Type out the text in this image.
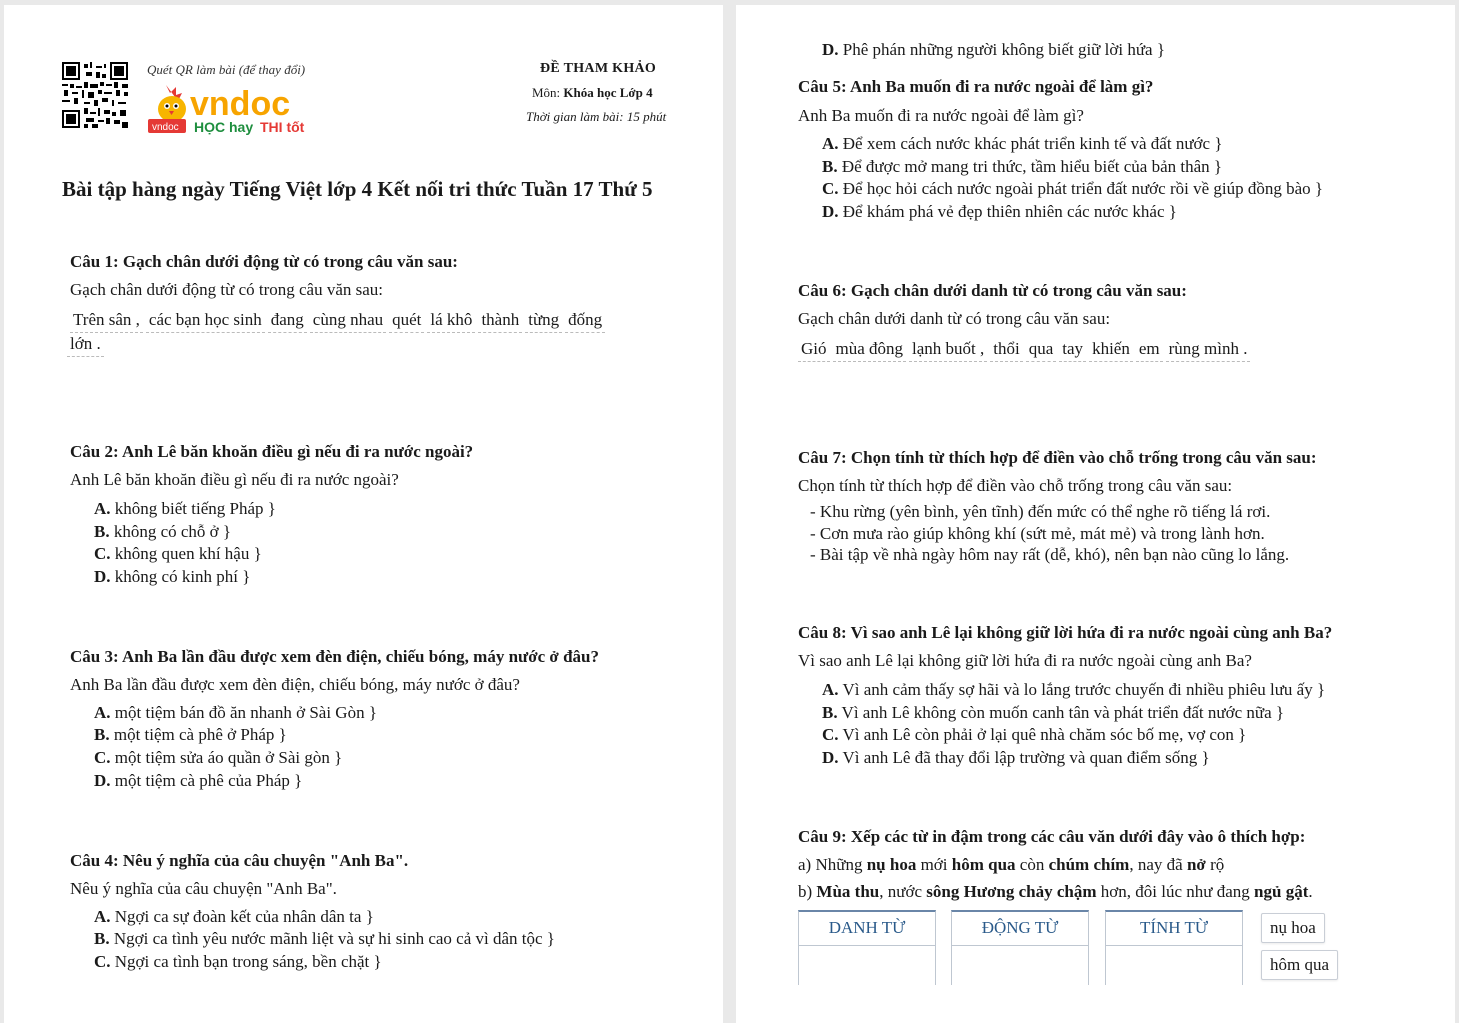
Quét QR làm bài (để thay đổi)
vndoc
vndoc HỌC hay THI tốt
ĐỀ THAM KHẢO
Môn: Khóa học Lớp 4
Thời gian làm bài: 15 phút
Bài tập hàng ngày Tiếng Việt lớp 4 Kết nối tri thức Tuần 17 Thứ 5
Câu 1: Gạch chân dưới động từ có trong câu văn sau:
Gạch chân dưới động từ có trong câu văn sau:
Trên sân , các bạn học sinh đang cùng nhau quét lá khô thành từng đống
lớn .
Câu 2: Anh Lê băn khoăn điều gì nếu đi ra nước ngoài?
Anh Lê băn khoăn điều gì nếu đi ra nước ngoài?
A. không biết tiếng Pháp }
B. không có chỗ ở }
C. không quen khí hậu }
D. không có kinh phí }
Câu 3: Anh Ba lần đầu được xem đèn điện, chiếu bóng, máy nước ở đâu?
Anh Ba lần đầu được xem đèn điện, chiếu bóng, máy nước ở đâu?
A. một tiệm bán đồ ăn nhanh ở Sài Gòn }
B. một tiệm cà phê ở Pháp }
C. một tiệm sửa áo quần ở Sài gòn }
D. một tiệm cà phê của Pháp }
Câu 4: Nêu ý nghĩa của câu chuyện "Anh Ba".
Nêu ý nghĩa của câu chuyện "Anh Ba".
A. Ngợi ca sự đoàn kết của nhân dân ta }
B. Ngợi ca tình yêu nước mãnh liệt và sự hi sinh cao cả vì dân tộc }
C. Ngợi ca tình bạn trong sáng, bền chặt }
D. Phê phán những người không biết giữ lời hứa }
Câu 5: Anh Ba muốn đi ra nước ngoài để làm gì?
Anh Ba muốn đi ra nước ngoài để làm gì?
A. Để xem cách nước khác phát triển kinh tế và đất nước }
B. Để được mở mang tri thức, tầm hiểu biết của bản thân }
C. Để học hỏi cách nước ngoài phát triển đất nước rồi về giúp đồng bào }
D. Để khám phá vẻ đẹp thiên nhiên các nước khác }
Câu 6: Gạch chân dưới danh từ có trong câu văn sau:
Gạch chân dưới danh từ có trong câu văn sau:
Gió mùa đông lạnh buốt , thổi qua tay khiến em rùng mình .
Câu 7: Chọn tính từ thích hợp để điền vào chỗ trống trong câu văn sau:
Chọn tính từ thích hợp để điền vào chỗ trống trong câu văn sau:
- Khu rừng (yên bình, yên tĩnh) đến mức có thể nghe rõ tiếng lá rơi.
- Cơn mưa rào giúp không khí (sứt mẻ, mát mẻ) và trong lành hơn.
- Bài tập về nhà ngày hôm nay rất (dễ, khó), nên bạn nào cũng lo lắng.
Câu 8: Vì sao anh Lê lại không giữ lời hứa đi ra nước ngoài cùng anh Ba?
Vì sao anh Lê lại không giữ lời hứa đi ra nước ngoài cùng anh Ba?
A. Vì anh cảm thấy sợ hãi và lo lắng trước chuyến đi nhiều phiêu lưu ấy }
B. Vì anh Lê không còn muốn canh tân và phát triển đất nước nữa }
C. Vì anh Lê còn phải ở lại quê nhà chăm sóc bố mẹ, vợ con }
D. Vì anh Lê đã thay đổi lập trường và quan điểm sống }
Câu 9: Xếp các từ in đậm trong các câu văn dưới đây vào ô thích hợp:
a) Những nụ hoa mới hôm qua còn chúm chím, nay đã nở rộ
b) Mùa thu, nước sông Hương chảy chậm hơn, đôi lúc như đang ngủ gật.
DANH TỪ	ĐỘNG TỪ	TÍNH TỪ	nụ hoa
hôm qua
